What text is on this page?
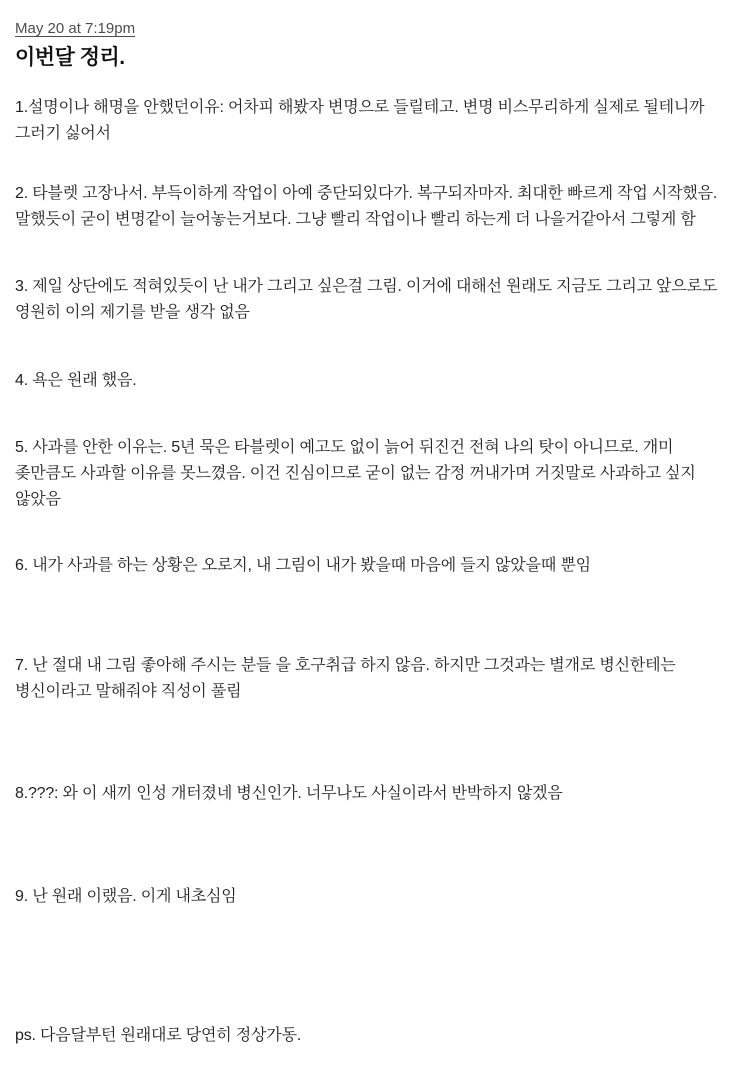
May 20 at 7:19pm
이번달 정리.

1.설명이나 해명을 안했던이유: 어차피 해봤자 변명으로 들릴테고. 변명 비스무리하게 실제로 될테니까 그러기 싫어서

2. 타블렛 고장나서. 부득이하게 작업이 아예 중단되있다가. 복구되자마자. 최대한 빠르게 작업 시작했음. 말했듯이 굳이 변명같이 늘어놓는거보다. 그냥 빨리 작업이나 빨리 하는게 더 나을거같아서 그렇게 함

3. 제일 상단에도 적혀있듯이 난 내가 그리고 싶은걸 그림. 이거에 대해선 원래도 지금도 그리고 앞으로도 영원히 이의 제기를 받을 생각 없음

4. 욕은 원래 했음.

5. 사과를 안한 이유는. 5년 묵은 타블렛이 예고도 없이 늙어 뒤진건 전혀 나의 탓이 아니므로. 개미 좆만큼도 사과할 이유를 못느꼈음. 이건 진심이므로 굳이 없는 감정 꺼내가며 거짓말로 사과하고 싶지 않았음

6. 내가 사과를 하는 상황은 오로지, 내 그림이 내가 봤을때 마음에 들지 않았을때 뿐임

7. 난 절대 내 그림 좋아해 주시는 분들 을 호구취급 하지 않음. 하지만 그것과는 별개로 병신한테는 병신이라고 말해줘야 직성이 풀림

8.???: 와 이 새끼 인성 개터졌네 병신인가. 너무나도 사실이라서 반박하지 않겠음

9. 난 원래 이랬음. 이게 내초심임

ps. 다음달부턴 원래대로 당연히 정상가동.
